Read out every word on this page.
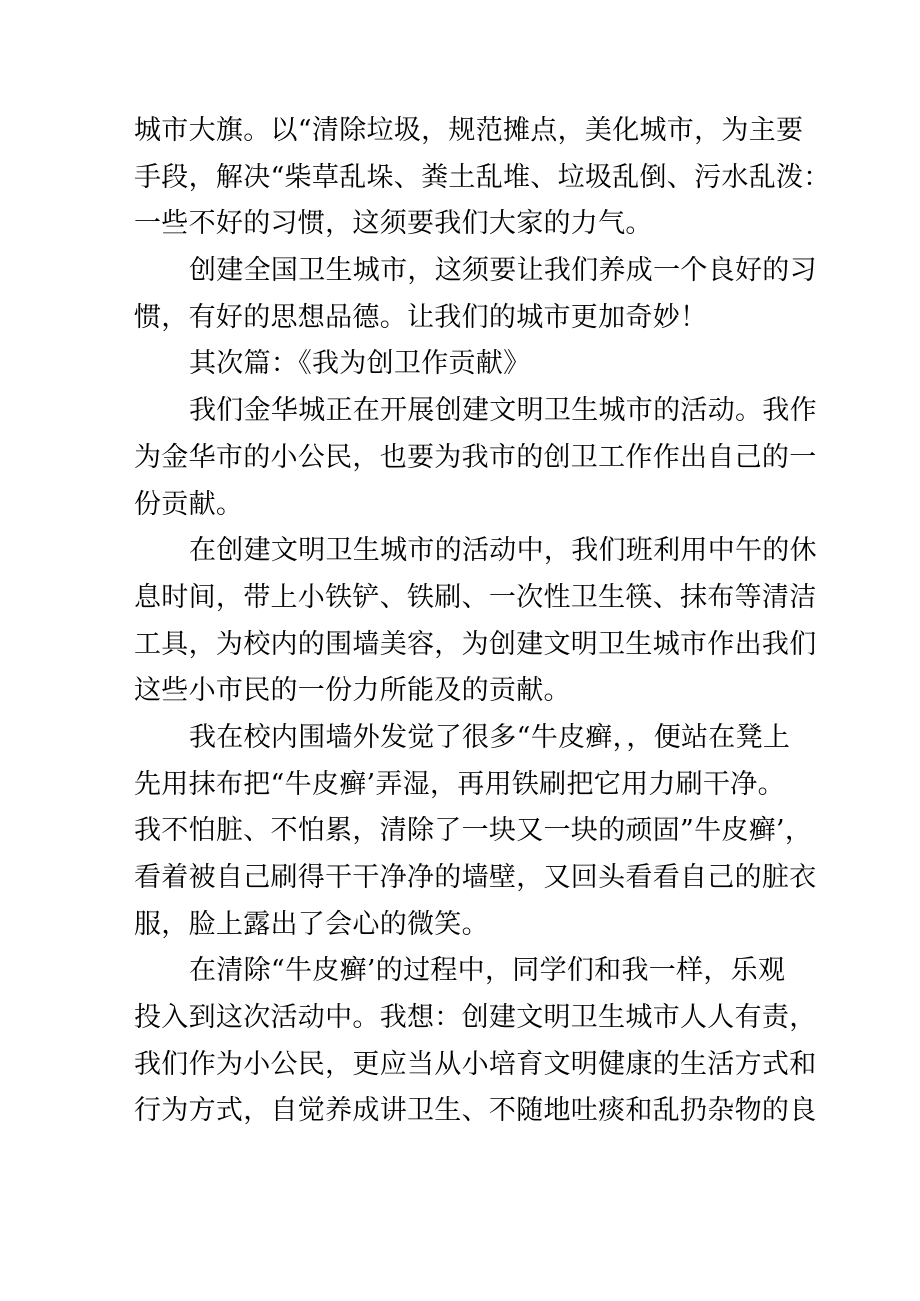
城市大旗。以“清除垃圾，规范摊点，美化城市，为主要
手段，解决“柴草乱垛、粪土乱堆、垃圾乱倒、污水乱泼：
一些不好的习惯，这须要我们大家的力气。

创建全国卫生城市，这须要让我们养成一个良好的习
惯，有好的思想品德。让我们的城市更加奇妙！

其次篇：《我为创卫作贡献》

我们金华城正在开展创建文明卫生城市的活动。我作
为金华市的小公民，也要为我市的创卫工作作出自己的一
份贡献。

在创建文明卫生城市的活动中，我们班利用中午的休
息时间，带上小铁铲、铁刷、一次性卫生筷、抹布等清洁
工具，为校内的围墙美容，为创建文明卫生城市作出我们
这些小市民的一份力所能及的贡献。

我在校内围墙外发觉了很多“牛皮癣，，便站在凳上
先用抹布把“牛皮癣’弄湿，再用铁刷把它用力刷干净。
我不怕脏、不怕累，清除了一块又一块的顽固”牛皮癣’，
看着被自己刷得干干净净的墙壁，又回头看看自己的脏衣
服，脸上露出了会心的微笑。

在清除“牛皮癣’的过程中，同学们和我一样，乐观
投入到这次活动中。我想：创建文明卫生城市人人有责，
我们作为小公民，更应当从小培育文明健康的生活方式和
行为方式，自觉养成讲卫生、不随地吐痰和乱扔杂物的良
